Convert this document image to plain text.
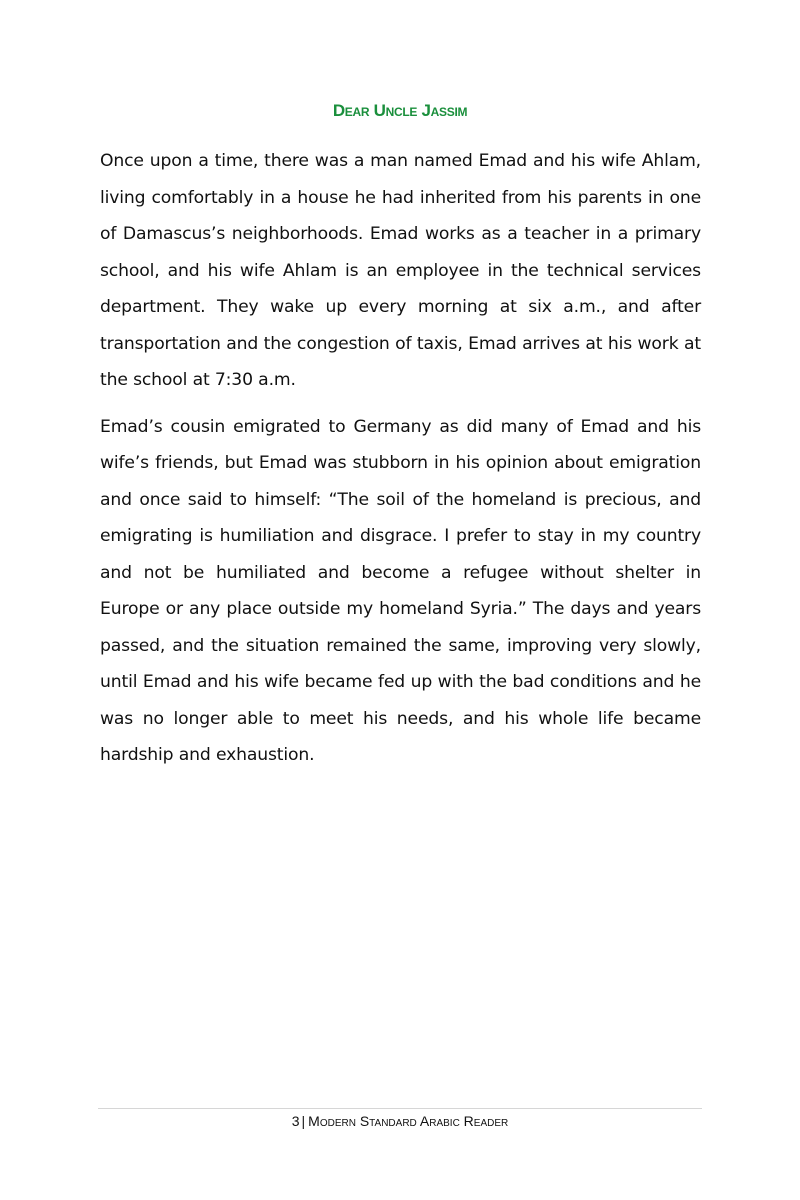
Dear Uncle Jassim

Once upon a time, there was a man named Emad and his wife Ahlam, living comfortably in a house he had inherited from his parents in one of Damascus’s neighborhoods. Emad works as a teacher in a primary school, and his wife Ahlam is an employee in the technical services department. They wake up every morning at six a.m., and after transportation and the congestion of taxis, Emad arrives at his work at the school at 7:30 a.m.

Emad’s cousin emigrated to Germany as did many of Emad and his wife’s friends, but Emad was stubborn in his opinion about emigration and once said to himself: “The soil of the homeland is precious, and emigrating is humiliation and disgrace. I prefer to stay in my country and not be humiliated and become a refugee without shelter in Europe or any place outside my homeland Syria.” The days and years passed, and the situation remained the same, improving very slowly, until Emad and his wife became fed up with the bad conditions and he was no longer able to meet his needs, and his whole life became hardship and exhaustion.

3 | Modern Standard Arabic Reader
